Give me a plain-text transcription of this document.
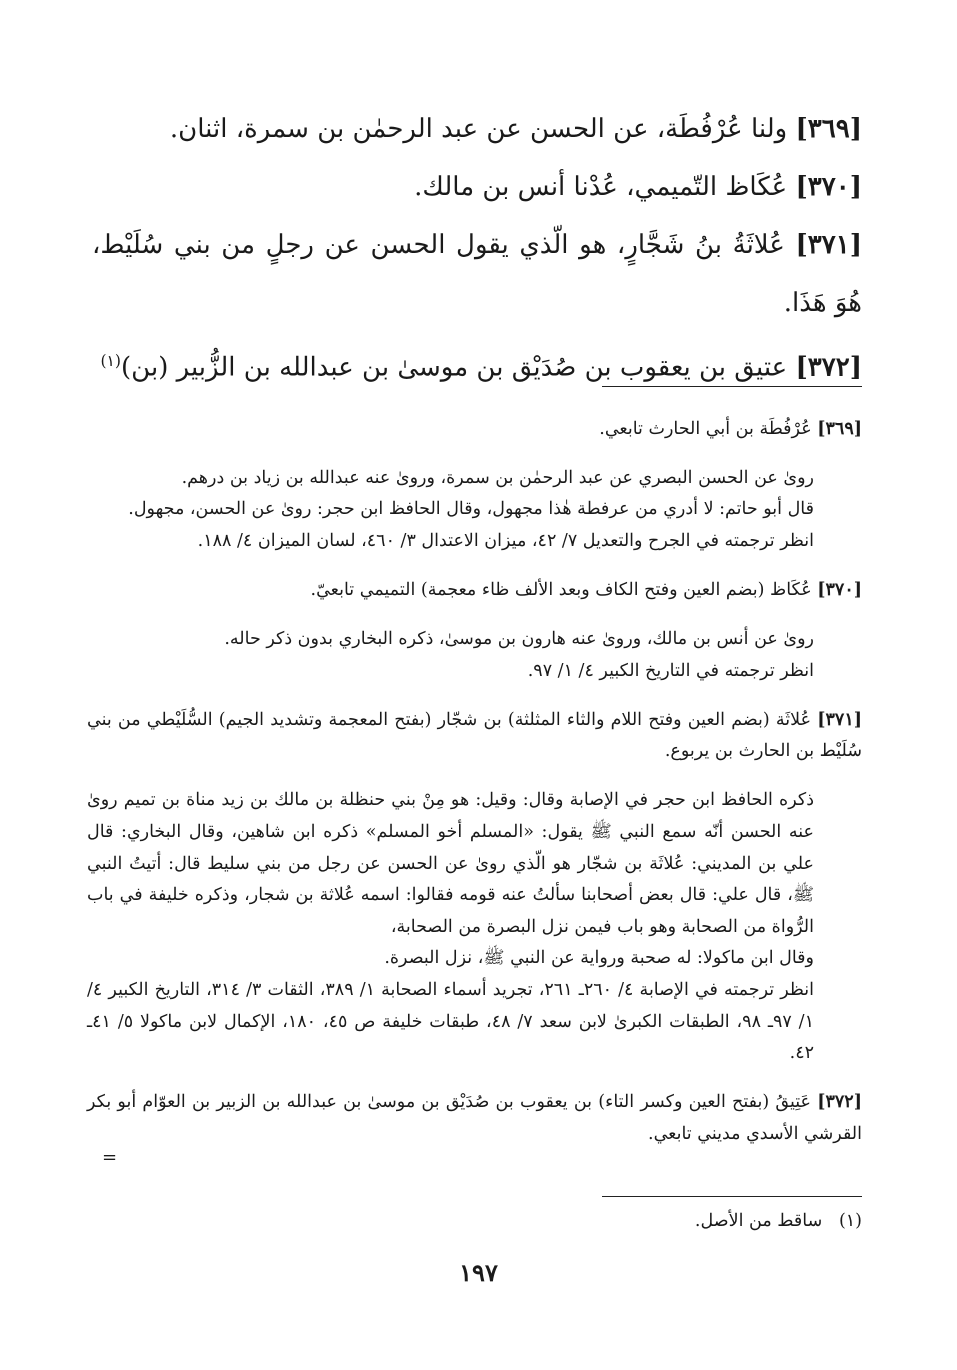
[٣٦٩] ولنا عُرْفُطَة، عن الحسن عن عبد الرحمٰن بن سمرة، اثنان.

[٣٧٠] عُكَاظ التّميمي، عُدْنا أنس بن مالك.

[٣٧١] عُلاثَةُ بنُ شَجَّارٍ، هو الّذي يقول الحسن عن رجلٍ من بني سُلَيْط، هُوَ هَذَا.

[٣٧٢] عتيق بن يعقوب بن صُدَيْق بن موسىٰ بن عبدالله بن الزُّبير (بن)$^{(١)}$

[٣٦٩] عُرْفُطَة بن أبي الحارث تابعي.

رویٰ عن الحسن البصري عن عبد الرحمٰن بن سمرة، وروىٰ عنه عبدالله بن زياد بن درهم.

قال أبو حاتم: لا أدري من عرفطة هٰذا مجهول، وقال الحافظ ابن حجر: روىٰ عن الحسن، مجهول.

انظر ترجمته في الجرح والتعديل ٧/ ٤٢، ميزان الاعتدال ٣/ ٤٦٠، لسان الميزان ٤/ ١٨٨.

[٣٧٠] عُكَاظ (بضم العين وفتح الكاف وبعد الألف ظاء معجمة) التميمي تابعيّ.

رویٰ عن أنس بن مالك، وروىٰ عنه هارون بن موسىٰ، ذكره البخاري بدون ذكر حاله.

انظر ترجمته في التاريخ الكبير ٤/ ١/ ٩٧.

[٣٧١] عُلاثَة (بضم العين وفتح اللام والثاء المثلثة) بن شجّار (بفتح المعجمة وتشديد الجيم) السُّلَيْطي من بني سُلَيْط بن الحارث بن يربوع.

ذكره الحافظ ابن حجر في الإصابة وقال: وقيل: هو مِنْ بني حنظلة بن مالك بن زيد مناة بن تميم روىٰ عنه الحسن أنّه سمع النبي ﷺ يقول: «المسلم أخو المسلم» ذكره ابن شاهين، وقال البخاري: قال علي بن المديني: عُلاثَة بن شجّار هو الّذي روىٰ عن الحسن عن رجل من بني سليط قال: أتيتُ النبي ﷺ، قال علي: قال بعض أصحابنا سألتُ عنه قومه فقالوا: اسمه عُلاثة بن شجار، وذكره خليفة في باب الرُّواة من الصحابة وهو باب فيمن نزل البصرة من الصحابة،

وقال ابن ماكولا: له صحبة ورواية عن النبي ﷺ، نزل البصرة.

انظر ترجمته في الإصابة ٤/ ٢٦٠ـ ٢٦١، تجريد أسماء الصحابة ١/ ٣٨٩، الثقات ٣/ ٣١٤، التاريخ الكبير ٤/ ١/ ٩٧ـ ٩٨، الطبقات الكبرىٰ لابن سعد ٧/ ٤٨، طبقات خليفة ص ٤٥، ١٨٠، الإكمال لابن ماكولا ٥/ ٤١ـ ٤٢.

[٣٧٢] عَتِيقُ (بفتح العين وكسر التاء) بن يعقوب بن صُدَيْق بن موسىٰ بن عبدالله بن الزبير بن العوّام أبو بكر القرشي الأسدي مديني تابعي.

=

(١)   ساقط من الأصل.

١٩٧
